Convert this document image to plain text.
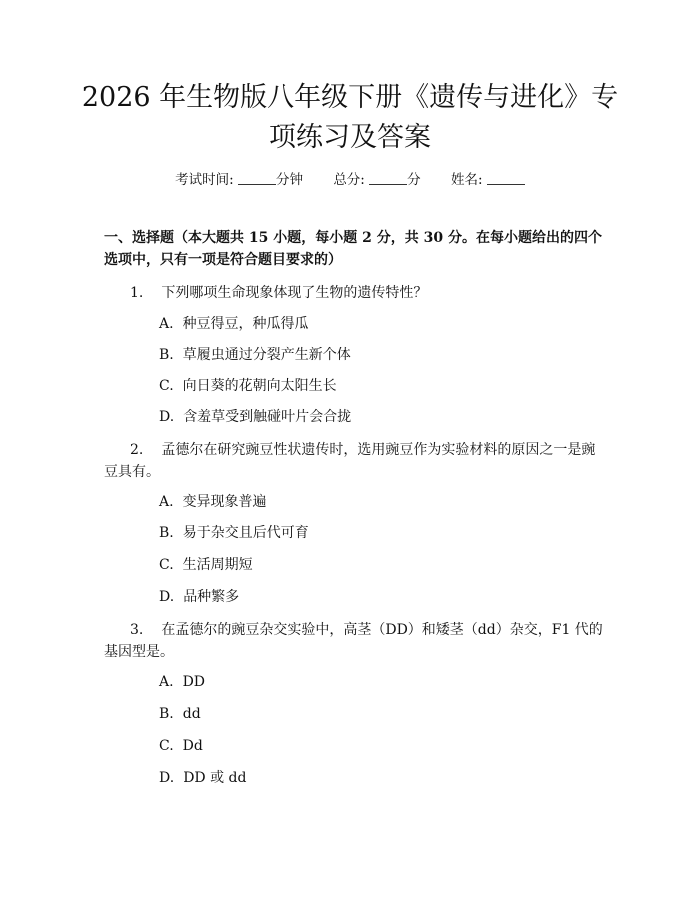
2026 年生物版八年级下册《遗传与进化》专
项练习及答案
考试时间:	分钟 总分:	分 姓名:

一、选择题（本大题共 15 小题，每小题 2 分，共 30 分。在每小题给出的四个选项中，只有一项是符合题目要求的）

1. 下列哪项生命现象体现了生物的遗传特性？
A. 种豆得豆，种瓜得瓜
B. 草履虫通过分裂产生新个体
C. 向日葵的花朝向太阳生长
D. 含羞草受到触碰叶片会合拢
2. 孟德尔在研究豌豆性状遗传时，选用豌豆作为实验材料的原因之一是豌豆具有。
A. 变异现象普遍
B. 易于杂交且后代可育
C. 生活周期短
D. 品种繁多
3. 在孟德尔的豌豆杂交实验中，高茎（DD）和矮茎（dd）杂交，F1 代的基因型是。
A. DD
B. dd
C. Dd
D. DD 或 dd
